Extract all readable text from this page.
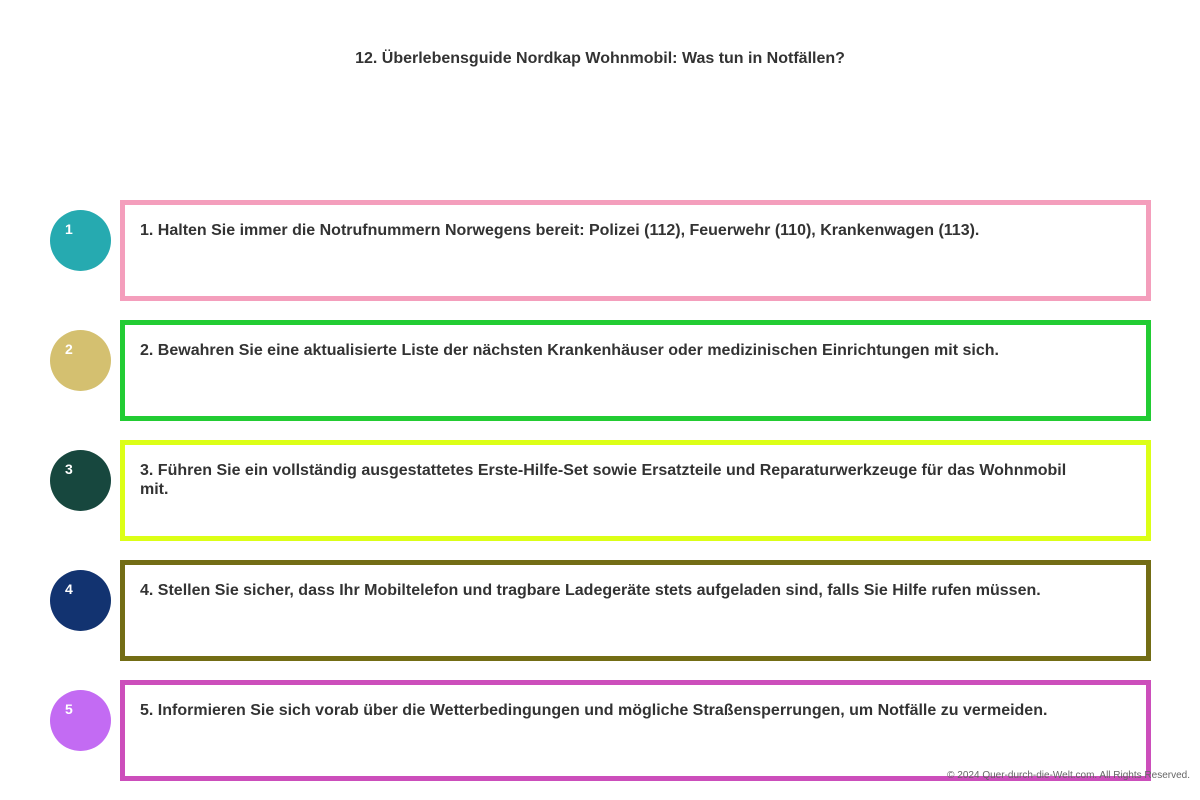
12. Überlebensguide Nordkap Wohnmobil: Was tun in Notfällen?
1	1. Halten Sie immer die Notrufnummern Norwegens bereit: Polizei (112), Feuerwehr (110), Krankenwagen (113).
2	2. Bewahren Sie eine aktualisierte Liste der nächsten Krankenhäuser oder medizinischen Einrichtungen mit sich.
3	3. Führen Sie ein vollständig ausgestattetes Erste-Hilfe-Set sowie Ersatzteile und Reparaturwerkzeuge für das Wohnmobil mit.
4	4. Stellen Sie sicher, dass Ihr Mobiltelefon und tragbare Ladegeräte stets aufgeladen sind, falls Sie Hilfe rufen müssen.
5	5. Informieren Sie sich vorab über die Wetterbedingungen und mögliche Straßensperrungen, um Notfälle zu vermeiden.
© 2024 Quer-durch-die-Welt.com. All Rights Reserved.
